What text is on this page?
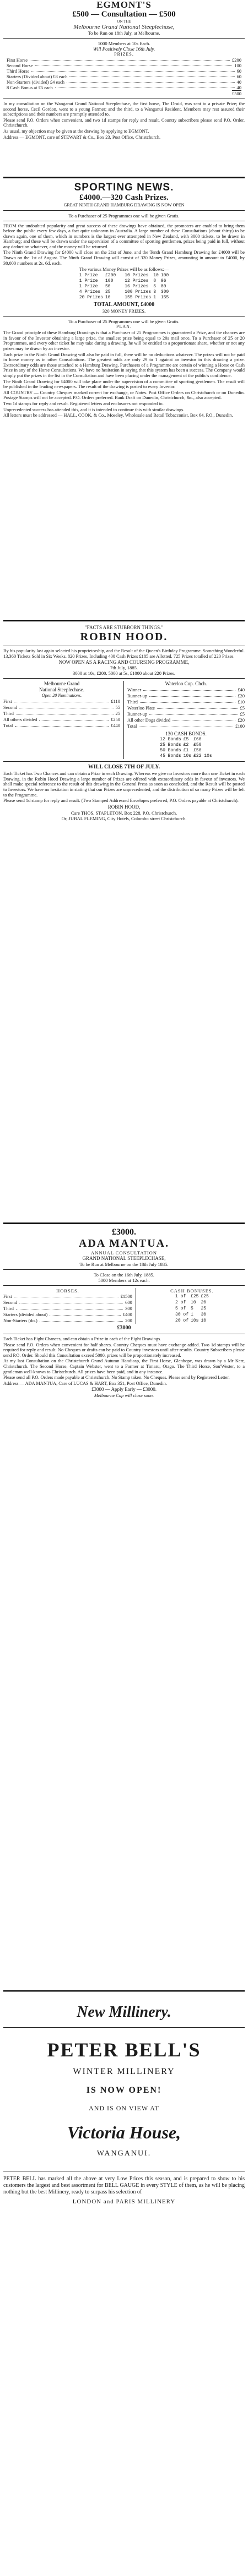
EGMONT'S
£500 — Consultation — £500
ON THE
Melbourne Grand National Steeplechase,
To be Run on 18th July, at Melbourne.
1000 Members at 10s Each.
Will Positively Close 16th July.
PRIZES.
First Horse	£200
Second Horse	100
Third Horse	60
Starters (Divided about) £8 each	60
Non-Starters (divided) £4 each	40
8 Cash Bonus at £5 each	40
£500

In my consultation on the Wanganui Grand National Steeplechase, the first horse, The Druid, was sent to a private Prize; the second horse, Cecil Gordon, went to a young Farmer; and the third, to a Wanganui Resident. Members may rest assured their subscriptions and their numbers are promptly attended to.

Please send P.O. Orders when convenient, and two 1d stamps for reply and result. Country subscribers please send P.O. Order, Christchurch.

As usual, my objection may be given at the drawing by applying to EGMONT.

Address — EGMONT, care of STEWART & Co., Box 23, Post Office, Christchurch.

SPORTING NEWS.
£4000.—320 Cash Prizes.
GREAT NINTH GRAND HAMBURG DRAWING IS NOW OPEN
To a Purchaser of 25 Programmes one will be given Gratis.

FROM the undoubted popularity and great success of these drawings have obtained, the promoters are enabled to bring them before the public every few days, a fact quite unknown in Australia. A large number of these Consultations (about thirty) to be drawn again, one of them, which in numbers is the largest ever attempted in New Zealand, with 3000 tickets, to be drawn in Hamburg; and these will be drawn under the supervision of a committee of sporting gentlemen, prizes being paid in full, without any deduction whatever, and the money will be returned.

The Ninth Grand Drawing for £4000 will close on the 21st of June, and the Tenth Grand Hamburg Drawing for £4000 will be Drawn on the 1st of August. The Ninth Grand Drawing will consist of 320 Money Prizes, amounting in amount to £4000, by 30,000 numbers at 2s. 6d. each.

The various Money Prizes will be as follows:—
1 Prize	£200	10 Prizes	10	100
1 Prize	100	12 Prizes	8	96
1 Prize	50	16 Prizes	5	80
4 Prizes	25	100 Prizes	3	300
20 Prizes	10	155 Prizes	1	155
TOTAL AMOUNT, £4000
320 MONEY PRIZES.
To a Purchaser of 25 Programmes one will be given Gratis.
PLAN.

The Grand principle of these Hamburg Drawings is that a Purchaser of 25 Programmes is guaranteed a Prize, and the chances are in favour of the Investor obtaining a large prize, the smallest prize being equal to 20s mail once. To a Purchaser of 25 or 20 Programmes, and every other ticket he may take during a drawing, he will be entitled to a proportionate share, whether or not any prizes may be drawn by an investor.

Each prize in the Ninth Grand Drawing will also be paid in full, there will be no deductions whatever. The prizes will not be paid in horse money as in other Consultations. The greatest odds are only 29 to 1 against an investor in this drawing a prize. Extraordinary odds are those attached to a Hamburg Drawing. Purchasers of a Programme are certain of winning a Horse or Cash Prize in any of the Horse Consultations. We have no hesitation in saying that this system has been a success. The Company would simply put the prizes in the list in the Consultation and have been placing under the management of the public's confidence.

The Ninth Grand Drawing for £4000 will take place under the supervision of a committee of sporting gentlemen. The result will be published in the leading newspapers. The result of the drawing is posted to every Investor.

All COUNTRY — Country Cheques marked correct for exchange, or Notes. Post Office Orders on Christchurch or on Dunedin. Postage Stamps will not be accepted. P.O. Orders preferred. Bank Draft on Dunedin, Christchurch, &c., also accepted.

Two 1d stamps for reply and result. Registered letters and enclosures not responded to.

Unprecedented success has attended this, and it is intended to continue this with similar drawings.

All letters must be addressed — HALL, COOK, & Co., Moseley, Wholesale and Retail Tobacconist, Box 64, P.O., Dunedin.

"FACTS ARE STUBBORN THINGS."
ROBIN HOOD.

By his popularity last again selected his proprietorship, and the Result of the Queen's Birthday Programme. Something Wonderful. 13,360 Tickets Sold in Six Weeks. 820 Prizes, Including 400 Cash Prizes £185 are Allotted. 725 Prizes totalled of 220 Prizes.

NOW OPEN AS A RACING AND COURSING PROGRAMME,
7th July, 1885.
3000 at 10s, £200. 5000 at 5s, £1000 about 220 Prizes.
Melbourne Grand
National Steeplechase.
Open 20 Nominations.
First	£110
Second	55
Third	25
All others divided	£250
Total	£440
Waterloo Cup. Chch.
Winner	£40
Runner-up	£20
Third	£10
Waterloo Plate	£5
Runner-up	£5
All other Dogs divided	£20
Total	£100
130 CASH BONDS.
12 Bonds	£5	£60
25 Bonds	£2	£50
50 Bonds	£1	£50
45 Bonds	10s	£22 10s
WILL CLOSE 7TH OF JULY.

Each Ticket has Two Chances and can obtain a Prize in each Drawing. Whereas we give no Investors more than one Ticket in each Drawing, in the Robin Hood Drawing a large number of Prizes are offered with extraordinary odds in favour of investors. We shall make special reference to the result of this drawing in the General Press as soon as concluded, and the Result will be posted to Investors. We have no hesitation in stating that our Prizes are unprecedented, and the distribution of so many Prizes will be felt to the Programme.

Please send 1d stamp for reply and result. (Two Stamped Addressed Envelopes preferred, P.O. Orders payable at Christchurch).

ROBIN HOOD,
Care THOS. STAPLETON, Box 228, P.O. Christchurch.
Or, JUBAL FLEMING, City Hotels, Colombo street Christchurch.
£3000.
ADA MANTUA.
ANNUAL CONSULTATION
GRAND NATIONAL STEEPLECHASE,
To be Run at Melbourne on the 18th July 1885.
To Close on the 16th July, 1885.
5000 Members at 12s each.
HORSES.
First	£1500
Second	600
Third	300
Starters (divided about)	£400
Non-Starters (do.)	200
CASH BONUSES.
1 of	£25	£25
2 of	10	20
5 of	5	25
30 of	1	30
20 of	10s	10
£3000

Each Ticket has Eight Chances, and can obtain a Prize in each of the Eight Drawings.

Please send P.O. Orders when convenient for half shares. Country Cheques must have exchange added. Two 1d stamps will be required for reply and result. No Cheques or drafts can be paid to Country investors until after results. Country Subscribers please send P.O. Order. Should this Consultation exceed 5000, prizes will be proportionately increased.

At my last Consultation on the Christchurch Grand Autumn Handicap, the First Horse, Glenhope, was drawn by a Mr Kerr, Christchurch. The Second Horse, Captain Webster, went to a Farmer at Timaru, Otago. The Third Horse, Sou'Wester, to a gentleman well-known to Christchurch. All prizes have been paid, and in any instance.

Please send all P.O. Orders made payable at Christchurch. No Stamp taken. No Cheques. Please send by Registered Letter.

Address — ADA MANTUA, Care of LUCAS & HART, Box 351, Post Office, Dunedin.

£3000 — Apply Early — £3000.
Melbourne Cup will close soon.
New Millinery.
PETER BELL'S
WINTER MILLINERY
IS NOW OPEN!
AND IS ON VIEW AT
Victoria House,
WANGANUI.

PETER BELL has marked all the above at very Low Prices this season, and is prepared to show to his customers the largest and best assortment for BELL GAUGE in every STYLE of them, as he will be placing nothing but the best Millinery, ready to surpass his selection of

LONDON and PARIS MILLINERY
